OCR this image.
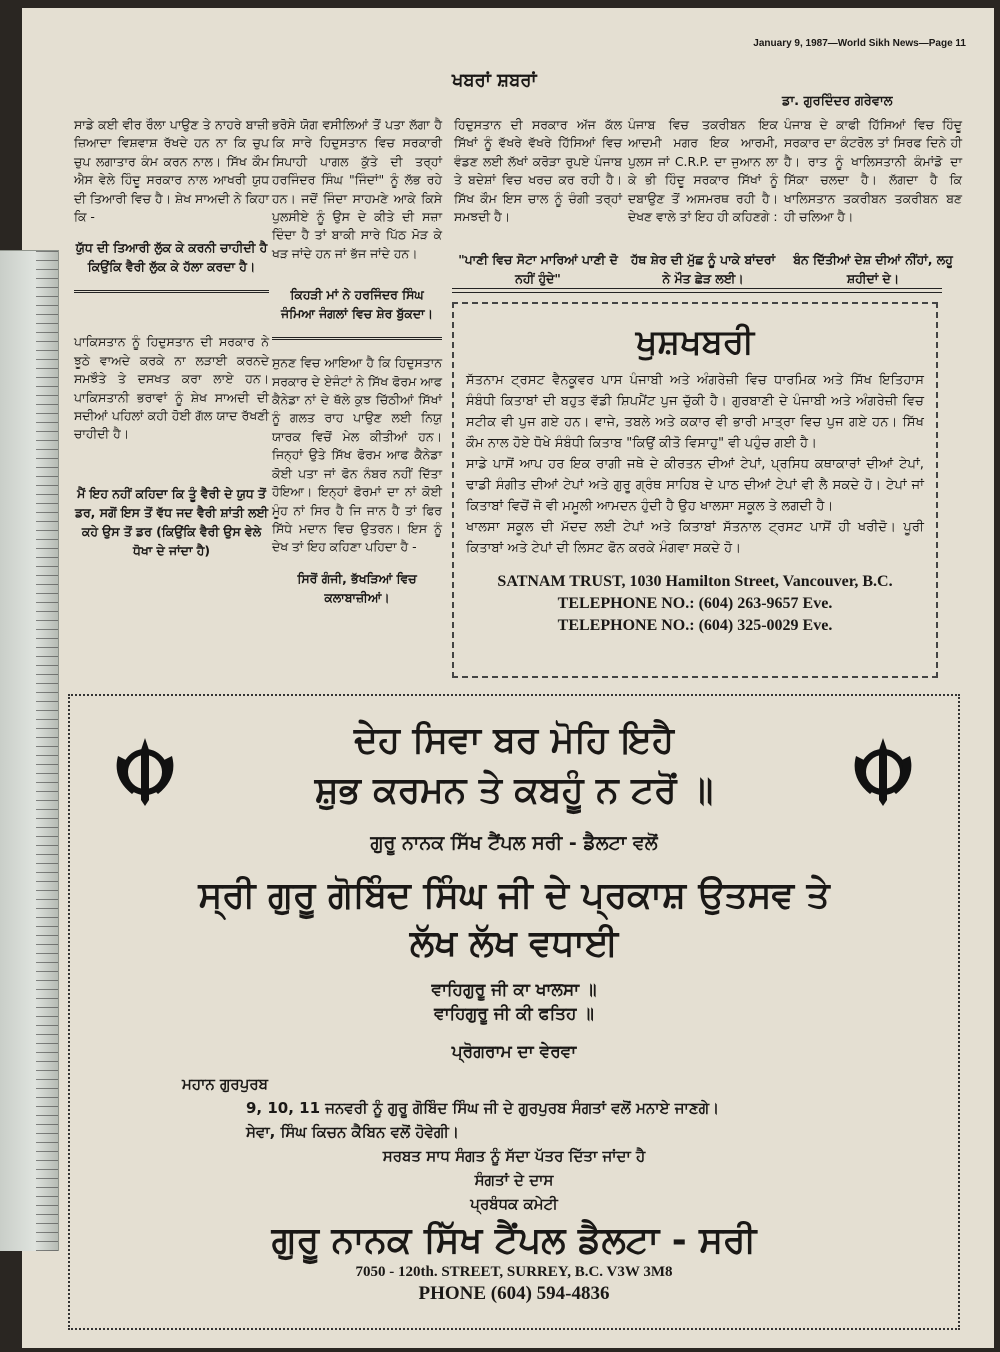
January 9, 1987—World Sikh News—Page 11
ਖਬਰਾਂ ਸ਼ਬਰਾਂ
ਡਾ. ਗੁਰਦਿੰਦਰ ਗਰੇਵਾਲ

ਸਾਡੇ ਕਈ ਵੀਰ ਰੌਲਾ ਪਾਉਣ ਤੇ ਨਾਹਰੇ ਬਾਜ਼ੀ ਜ਼ਿਆਦਾ ਵਿਸ਼ਵਾਸ਼ ਰੱਖਦੇ ਹਨ ਨਾ ਕਿ ਚੁਪ ਚੁਪ ਲਗਾਤਾਰ ਕੰਮ ਕਰਨ ਨਾਲ। ਸਿੱਖ ਕੌਮ ਐਸ ਵੇਲੇ ਹਿੰਦੂ ਸਰਕਾਰ ਨਾਲ ਆਖਰੀ ਯੁਧ ਦੀ ਤਿਆਰੀ ਵਿਚ ਹੈ। ਸ਼ੇਖ ਸਾਅਦੀ ਨੇ ਕਿਹਾ ਕਿ -

ਯੁੱਧ ਦੀ ਤਿਆਰੀ ਲੁੱਕ ਕੇ ਕਰਨੀ ਚਾਹੀਦੀ ਹੈ ਕਿਉਂਕਿ ਵੈਰੀ ਲੁੱਕ ਕੇ ਹੱਲਾ ਕਰਦਾ ਹੈ।

ਪਾਕਿਸਤਾਨ ਨੂੰ ਹਿਦੁਸਤਾਨ ਦੀ ਸਰਕਾਰ ਨੇ ਝੂਠੇ ਵਾਅਦੇ ਕਰਕੇ ਨਾ ਲੜਾਈ ਕਰਨਦੇ ਸਮਝੌਤੇ ਤੇ ਦਸਖਤ ਕਰਾ ਲਾਏ ਹਨ। ਪਾਕਿਸਤਾਨੀ ਭਰਾਵਾਂ ਨੂੰ ਸ਼ੇਖ ਸਾਅਦੀ ਦੀ ਸਦੀਆਂ ਪਹਿਲਾਂ ਕਹੀ ਹੋਈ ਗੱਲ ਯਾਦ ਰੱਖਣੀ ਚਾਹੀਦੀ ਹੈ।

ਮੈਂ ਇਹ ਨਹੀਂ ਕਹਿਦਾ ਕਿ ਤੂੰ ਵੈਰੀ ਦੇ ਯੁਧ ਤੋਂ ਡਰ, ਸਗੋਂ ਇਸ ਤੋਂ ਵੱਧ ਜਦ ਵੈਰੀ ਸ਼ਾਂਤੀ ਲਈ ਕਹੇ ਉਸ ਤੋਂ ਡਰ (ਕਿਉਂਕਿ ਵੈਰੀ ਉਸ ਵੇਲੇ ਧੋਖਾ ਦੇ ਜਾਂਦਾ ਹੈ)

ਭਰੋਸੇ ਯੋਗ ਵਸੀਲਿਆਂ ਤੋਂ ਪਤਾ ਲੱਗਾ ਹੈ ਕਿ ਸਾਰੇ ਹਿਦੁਸਤਾਨ ਵਿਚ ਸਰਕਾਰੀ ਸਿਪਾਹੀ ਪਾਗਲ ਕੁੱਤੇ ਦੀ ਤਰ੍ਹਾਂ ਹਰਜਿੰਦਰ ਸਿੰਘ "ਜਿੰਦਾਂ" ਨੂੰ ਲੱਭ ਰਹੇ ਹਨ। ਜਦੋਂ ਜਿੰਦਾ ਸਾਹਮਣੇ ਆਕੇ ਕਿਸੇ ਪੁਲਸੀਏ ਨੂੰ ਉਸ ਦੇ ਕੀਤੇ ਦੀ ਸਜ਼ਾ ਦਿੰਦਾ ਹੈ ਤਾਂ ਬਾਕੀ ਸਾਰੇ ਪਿੱਠ ਮੋੜ ਕੇ ਖੜ ਜਾਂਦੇ ਹਨ ਜਾਂ ਭੱਜ ਜਾਂਦੇ ਹਨ।

ਕਿਹੜੀ ਮਾਂ ਨੇ ਹਰਜਿੰਦਰ ਸਿੰਘ ਜੰਮਿਆ ਜੰਗਲਾਂ ਵਿਚ ਸ਼ੇਰ ਬੁੱਕਦਾ।

ਸੁਨਣ ਵਿਚ ਆਇਆ ਹੈ ਕਿ ਹਿਦੁਸਤਾਨ ਸਰਕਾਰ ਦੇ ਏਜੰਟਾਂ ਨੇ ਸਿੱਖ ਫੋਰਮ ਆਫ ਕੈਨੇਡਾ ਨਾਂ ਦੇ ਥੱਲੇ ਕੁਝ ਚਿੱਠੀਆਂ ਸਿੱਖਾਂ ਨੂੰ ਗਲਤ ਰਾਹ ਪਾਉਣ ਲਈ ਨਿਯੁ ਯਾਰਕ ਵਿਚੋਂ ਮੇਲ ਕੀਤੀਆਂ ਹਨ। ਜਿਨ੍ਹਾਂ ਉਤੇ ਸਿੱਖ ਫੋਰਮ ਆਫ ਕੈਨੇਡਾ ਕੋਈ ਪਤਾ ਜਾਂ ਫੋਨ ਨੰਬਰ ਨਹੀਂ ਦਿੱਤਾ ਹੋਇਆ। ਇਨ੍ਹਾਂ ਫੋਰਮਾਂ ਦਾ ਨਾਂ ਕੋਈ ਮੂੰਹ ਨਾਂ ਸਿਰ ਹੈ ਜਿ ਜਾਨ ਹੈ ਤਾਂ ਫਿਰ ਸਿੱਧੇ ਮਦਾਨ ਵਿਚ ਉਤਰਨ। ਇਸ ਨੂੰ ਦੇਖ ਤਾਂ ਇਹ ਕਹਿਣਾ ਪਹਿਦਾ ਹੈ -

ਸਿਰੋਂ ਗੰਜੀ, ਭੱਖੜਿਆਂ ਵਿਚ ਕਲਾਬਾਜ਼ੀਆਂ।

ਹਿਦੁਸਤਾਨ ਦੀ ਸਰਕਾਰ ਅੱਜ ਕੱਲ ਸਿੱਖਾਂ ਨੂੰ ਵੱਖਰੇ ਵੱਖਰੇ ਹਿੱਸਿਆਂ ਵਿਚ ਵੰਡਣ ਲਈ ਲੱਖਾਂ ਕਰੋੜਾ ਰੁਪਏ ਪੰਜਾਬ ਤੇ ਬਦੇਸ਼ਾਂ ਵਿਚ ਖਰਚ ਕਰ ਰਹੀ ਹੈ। ਸਿੱਖ ਕੌਮ ਇਸ ਚਾਲ ਨੂੰ ਚੰਗੀ ਤਰ੍ਹਾਂ ਸਮਝਦੀ ਹੈ।

"ਪਾਣੀ ਵਿਚ ਸੋਟਾ ਮਾਰਿਆਂ ਪਾਣੀ ਦੋ ਨਹੀਂ ਹੁੰਦੇ"

ਪੰਜਾਬ ਵਿਚ ਤਕਰੀਬਨ ਇਕ ਆਦਮੀ ਮਗਰ ਇਕ ਆਰਮੀ, ਪੁਲਸ ਜਾਂ C.R.P. ਦਾ ਜੁਆਨ ਲਾ ਕੇ ਭੀ ਹਿੰਦੂ ਸਰਕਾਰ ਸਿੱਖਾਂ ਨੂੰ ਦਬਾਉਣ ਤੋਂ ਅਸਮਰਥ ਰਹੀ ਹੈ। ਦੇਖਣ ਵਾਲੇ ਤਾਂ ਇਹ ਹੀ ਕਹਿਣਗੇ :

ਹੱਥ ਸ਼ੇਰ ਦੀ ਮੁੱਛ ਨੂੰ ਪਾਕੇ ਬਾਂਦਰਾਂ ਨੇ ਮੌਤ ਛੇੜ ਲਈ।

ਪੰਜਾਬ ਦੇ ਕਾਫੀ ਹਿੱਸਿਆਂ ਵਿਚ ਹਿੰਦੂ ਸਰਕਾਰ ਦਾ ਕੰਟਰੋਲ ਤਾਂ ਸਿਰਫ ਦਿਨੇ ਹੀ ਹੈ। ਰਾਤ ਨੂੰ ਖਾਲਿਸਤਾਨੀ ਕੰਮਾਂਡੋ ਦਾ ਸਿੱਕਾ ਚਲਦਾ ਹੈ। ਲੱਗਦਾ ਹੈ ਕਿ ਖਾਲਿਸਤਾਨ ਤਕਰੀਬਨ ਤਕਰੀਬਨ ਬਣ ਹੀ ਚਲਿਆ ਹੈ।

ਬੰਨ ਦਿੱਤੀਆਂ ਦੇਸ਼ ਦੀਆਂ ਨੀਂਹਾਂ, ਲਹੂ ਸ਼ਹੀਦਾਂ ਦੇ।
ਖੁਸ਼ਖਬਰੀ

ਸੱਤਨਾਮ ਟ੍ਰਸਟ ਵੈਨਕੂਵਰ ਪਾਸ ਪੰਜਾਬੀ ਅਤੇ ਅੰਗਰੇਜ਼ੀ ਵਿਚ ਧਾਰਮਿਕ ਅਤੇ ਸਿੱਖ ਇਤਿਹਾਸ ਸੰਬੰਧੀ ਕਿਤਾਬਾਂ ਦੀ ਬਹੁਤ ਵੱਡੀ ਸ਼ਿਪਮੈਂਟ ਪੁਜ ਚੁੱਕੀ ਹੈ। ਗੁਰਬਾਣੀ ਦੇ ਪੰਜਾਬੀ ਅਤੇ ਅੰਗਰੇਜ਼ੀ ਵਿਚ ਸਟੀਕ ਵੀ ਪੁਜ ਗਏ ਹਨ। ਵਾਜੇ, ਤਬਲੇ ਅਤੇ ਕਕਾਰ ਵੀ ਭਾਰੀ ਮਾਤ੍ਰਾ ਵਿਚ ਪੁਜ ਗਏ ਹਨ। ਸਿੱਖ ਕੌਮ ਨਾਲ ਹੋਏ ਧੋਖੇ ਸੰਬੰਧੀ ਕਿਤਾਬ "ਕਿਉਂ ਕੀਤੋ ਵਿਸਾਹੁ" ਵੀ ਪਹੁੰਚ ਗਈ ਹੈ।

ਸਾਡੇ ਪਾਸੋਂ ਆਪ ਹਰ ਇਕ ਰਾਗੀ ਜਥੇ ਦੇ ਕੀਰਤਨ ਦੀਆਂ ਟੇਪਾਂ, ਪ੍ਰਸਿਧ ਕਥਾਕਾਰਾਂ ਦੀਆਂ ਟੇਪਾਂ, ਢਾਡੀ ਸੰਗੀਤ ਦੀਆਂ ਟੇਪਾਂ ਅਤੇ ਗੁਰੂ ਗ੍ਰੰਥ ਸਾਹਿਬ ਦੇ ਪਾਠ ਦੀਆਂ ਟੇਪਾਂ ਵੀ ਲੈ ਸਕਦੇ ਹੋ। ਟੇਪਾਂ ਜਾਂ ਕਿਤਾਬਾਂ ਵਿਚੋਂ ਜੋ ਵੀ ਮਮੂਲੀ ਆਮਦਨ ਹੁੰਦੀ ਹੈ ਉਹ ਖਾਲਸਾ ਸਕੂਲ ਤੇ ਲਗਦੀ ਹੈ।

ਖਾਲਸਾ ਸਕੂਲ ਦੀ ਮੱਦਦ ਲਈ ਟੇਪਾਂ ਅਤੇ ਕਿਤਾਬਾਂ ਸੱਤਨਾਲ ਟ੍ਰਸਟ ਪਾਸੋਂ ਹੀ ਖਰੀਦੋ। ਪੂਰੀ ਕਿਤਾਬਾਂ ਅਤੇ ਟੇਪਾਂ ਦੀ ਲਿਸਟ ਫੋਨ ਕਰਕੇ ਮੰਗਵਾ ਸਕਦੇ ਹੋ।

SATNAM TRUST, 1030 Hamilton Street, Vancouver, B.C.
TELEPHONE NO.: (604) 263-9657 Eve.
TELEPHONE NO.: (604) 325-0029 Eve.
ਦੇਹ ਸਿਵਾ ਬਰ ਮੋਹਿ ਇਹੈ
ਸ਼ੁਭ ਕਰਮਨ ਤੇ ਕਬਹੂੰ ਨ ਟਰੋਂ ॥
ਗੁਰੂ ਨਾਨਕ ਸਿੱਖ ਟੈਂਪਲ ਸਰੀ - ਡੈਲਟਾ ਵਲੋਂ
ਸ੍ਰੀ ਗੁਰੂ ਗੋਬਿੰਦ ਸਿੰਘ ਜੀ ਦੇ ਪ੍ਰਕਾਸ਼ ਉਤਸਵ ਤੇ
ਲੱਖ ਲੱਖ ਵਧਾਈ
ਵਾਹਿਗੁਰੂ ਜੀ ਕਾ ਖਾਲਸਾ ॥
ਵਾਹਿਗੁਰੂ ਜੀ ਕੀ ਫਤਿਹ ॥
ਪ੍ਰੋਗਰਾਮ ਦਾ ਵੇਰਵਾ
ਮਹਾਨ ਗੁਰਪੁਰਬ
9, 10, 11 ਜਨਵਰੀ ਨੂੰ ਗੁਰੂ ਗੋਬਿੰਦ ਸਿੰਘ ਜੀ ਦੇ ਗੁਰਪੁਰਬ ਸੰਗਤਾਂ ਵਲੋਂ ਮਨਾਏ ਜਾਣਗੇ।
ਸੇਵਾ, ਸਿੰਘ ਕਿਚਨ ਕੈਬਿਨ ਵਲੋਂ ਹੋਵੇਗੀ।
ਸਰਬਤ ਸਾਧ ਸੰਗਤ ਨੂੰ ਸੱਦਾ ਪੱਤਰ ਦਿੱਤਾ ਜਾਂਦਾ ਹੈ
ਸੰਗਤਾਂ ਦੇ ਦਾਸ
ਪ੍ਰਬੰਧਕ ਕਮੇਟੀ
ਗੁਰੂ ਨਾਨਕ ਸਿੱਖ ਟੈਂਪਲ ਡੈਲਟਾ - ਸਰੀ
7050 - 120th. STREET, SURREY, B.C. V3W 3M8
PHONE (604) 594-4836
